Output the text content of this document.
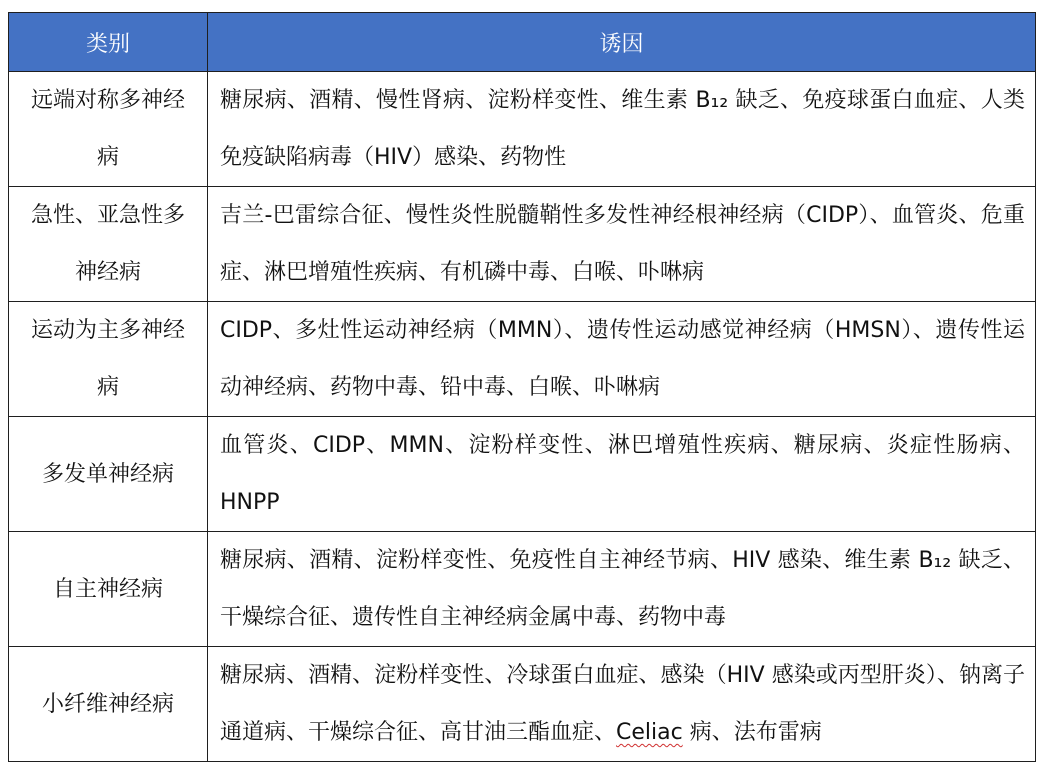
类别	诱因
远端对称多神经病	糖尿病、酒精、慢性肾病、淀粉样变性、维生素 B₁₂ 缺乏、免疫球蛋白血症、人类免疫缺陷病毒（HIV）感染、药物性
急性、亚急性多神经病	吉兰-巴雷综合征、慢性炎性脱髓鞘性多发性神经根神经病（CIDP）、血管炎、危重症、淋巴增殖性疾病、有机磷中毒、白喉、卟啉病
运动为主多神经病	CIDP、多灶性运动神经病（MMN）、遗传性运动感觉神经病（HMSN）、遗传性运动神经病、药物中毒、铅中毒、白喉、卟啉病
多发单神经病	血管炎、CIDP、MMN、淀粉样变性、淋巴增殖性疾病、糖尿病、炎症性肠病、HNPP
自主神经病	糖尿病、酒精、淀粉样变性、免疫性自主神经节病、HIV 感染、维生素 B₁₂ 缺乏、干燥综合征、遗传性自主神经病金属中毒、药物中毒
小纤维神经病	糖尿病、酒精、淀粉样变性、冷球蛋白血症、感染（HIV 感染或丙型肝炎）、钠离子通道病、干燥综合征、高甘油三酯血症、Celiac 病、法布雷病
